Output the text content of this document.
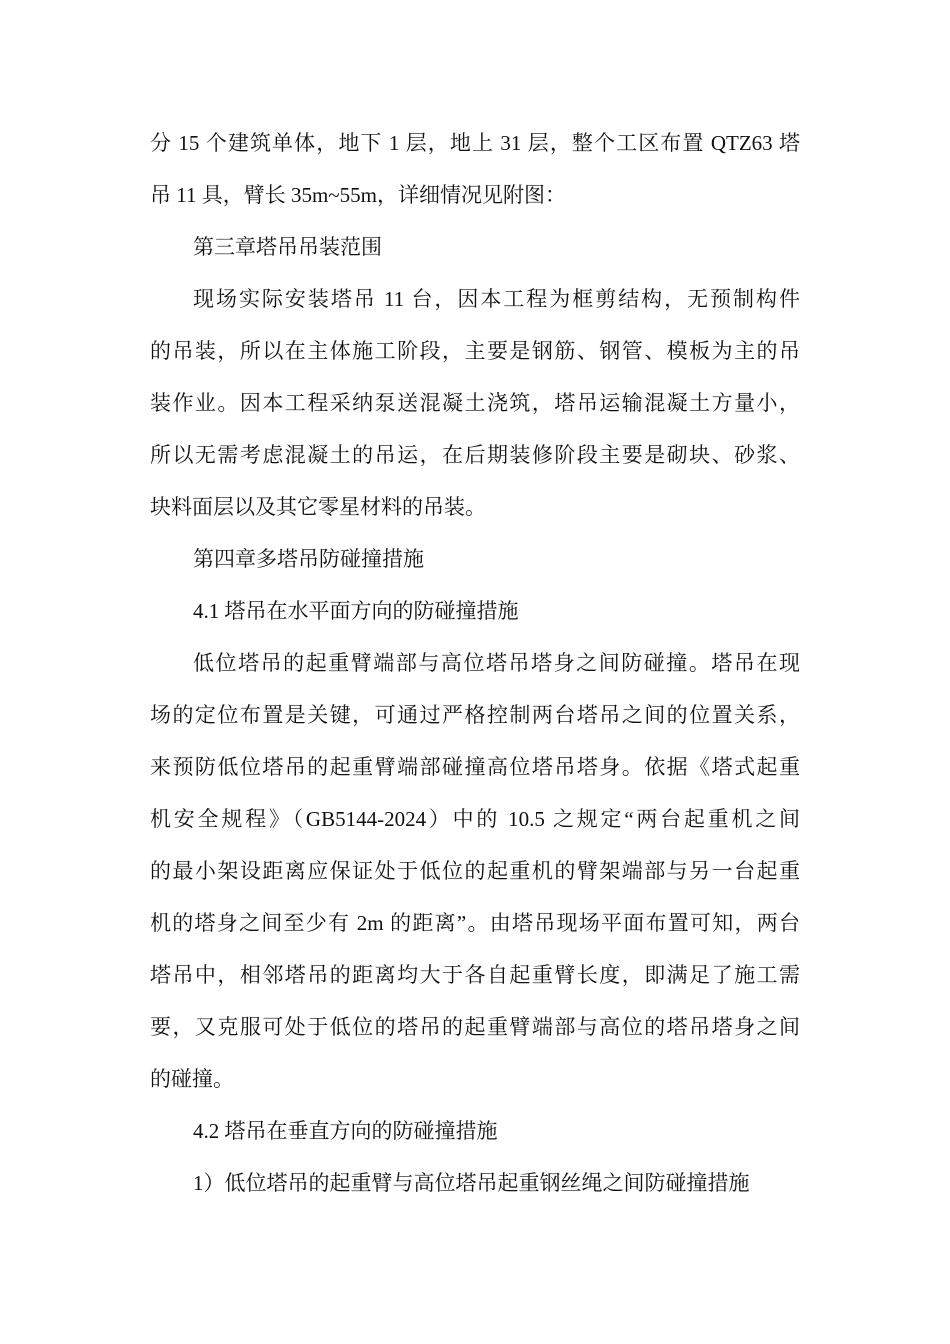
分 15 个建筑单体，地下 1 层，地上 31 层，整个工区布置 QTZ63 塔
吊 11 具，臂长 35m~55m，详细情况见附图：
第三章塔吊吊装范围
现场实际安装塔吊 11 台，因本工程为框剪结构，无预制构件
的吊装，所以在主体施工阶段，主要是钢筋、钢管、模板为主的吊
装作业。因本工程采纳泵送混凝土浇筑，塔吊运输混凝土方量小，
所以无需考虑混凝土的吊运，在后期装修阶段主要是砌块、砂浆、
块料面层以及其它零星材料的吊装。
第四章多塔吊防碰撞措施
4.1 塔吊在水平面方向的防碰撞措施
低位塔吊的起重臂端部与高位塔吊塔身之间防碰撞。塔吊在现
场的定位布置是关键，可通过严格控制两台塔吊之间的位置关系，
来预防低位塔吊的起重臂端部碰撞高位塔吊塔身。依据《塔式起重
机安全规程》（GB5144-2024）中的 10.5 之规定“两台起重机之间
的最小架设距离应保证处于低位的起重机的臂架端部与另一台起重
机的塔身之间至少有 2m 的距离”。由塔吊现场平面布置可知，两台
塔吊中，相邻塔吊的距离均大于各自起重臂长度，即满足了施工需
要，又克服可处于低位的塔吊的起重臂端部与高位的塔吊塔身之间
的碰撞。
4.2 塔吊在垂直方向的防碰撞措施
1）低位塔吊的起重臂与高位塔吊起重钢丝绳之间防碰撞措施
